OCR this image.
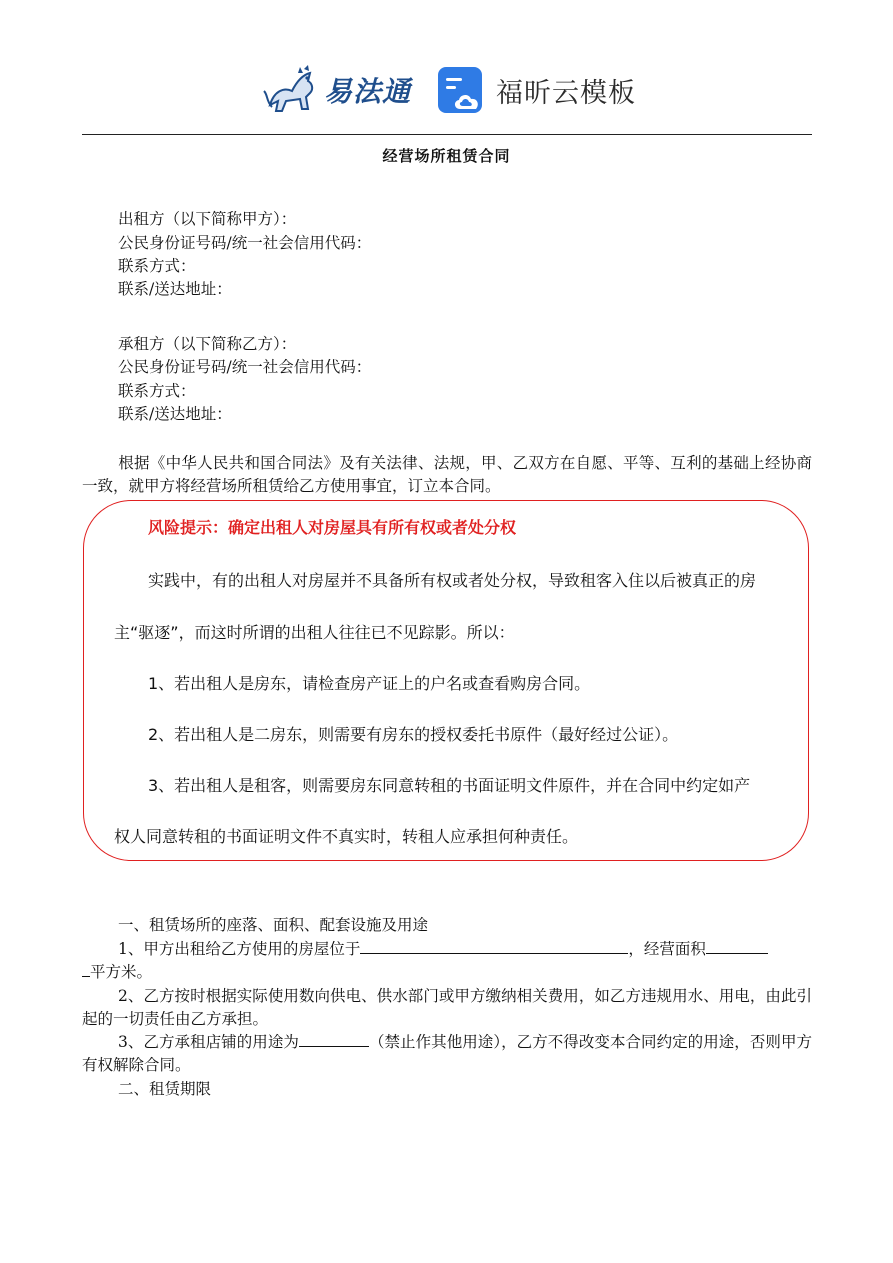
易法通	福昕云模板
经营场所租赁合同
出租方（以下简称甲方）：
公民身份证号码/统一社会信用代码：
联系方式：
联系/送达地址：
承租方（以下简称乙方）：
公民身份证号码/统一社会信用代码：
联系方式：
联系/送达地址：
根据《中华人民共和国合同法》及有关法律、法规，甲、乙双方在自愿、平等、互利的基础上经协商一致，就甲方将经营场所租赁给乙方使用事宜，订立本合同。
风险提示：确定出租人对房屋具有所有权或者处分权
实践中，有的出租人对房屋并不具备所有权或者处分权，导致租客入住以后被真正的房
主“驱逐”，而这时所谓的出租人往往已不见踪影。所以：
1、若出租人是房东，请检查房产证上的户名或查看购房合同。
2、若出租人是二房东，则需要有房东的授权委托书原件（最好经过公证）。
3、若出租人是租客，则需要房东同意转租的书面证明文件原件，并在合同中约定如产
权人同意转租的书面证明文件不真实时，转租人应承担何种责任。
一、租赁场所的座落、面积、配套设施及用途
1、甲方出租给乙方使用的房屋位于	，经营面积
平方米。
2、乙方按时根据实际使用数向供电、供水部门或甲方缴纳相关费用，如乙方违规用水、用电，由此引起的一切责任由乙方承担。
3、乙方承租店铺的用途为	（禁止作其他用途），乙方不得改变本合同约定的用途，否则甲方有权解除合同。
二、租赁期限
